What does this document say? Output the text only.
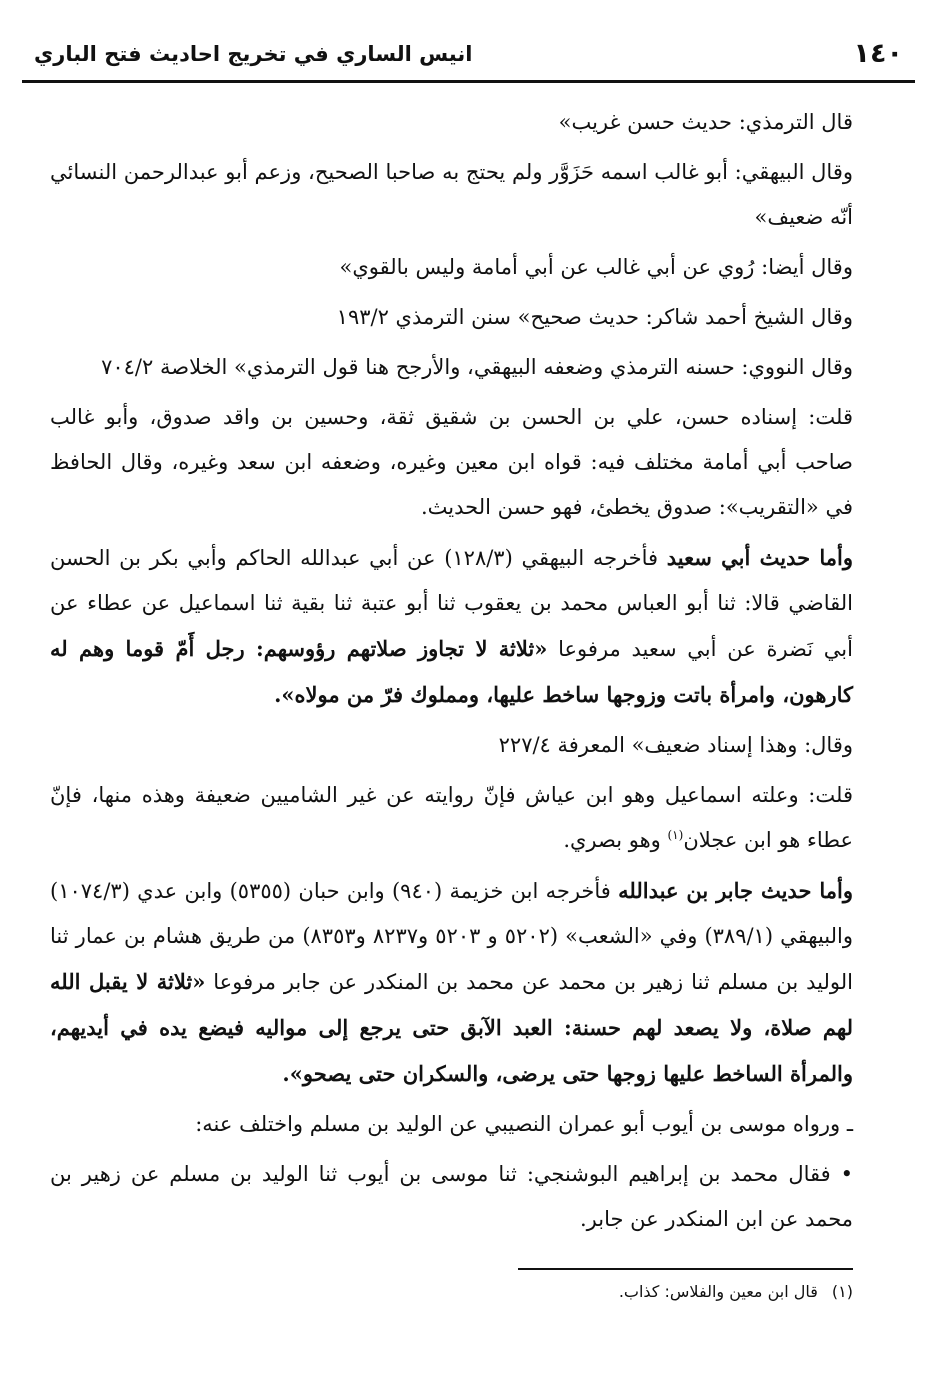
١٤٠
انيس الساري في تخريج احاديث فتح الباري

قال الترمذي: حديث حسن غريب»

وقال البيهقي: أبو غالب اسمه حَزَوَّر ولم يحتج به صاحبا الصحيح، وزعم أبو عبدالرحمن النسائي أنّه ضعيف»

وقال أيضا: رُوي عن أبي غالب عن أبي أمامة وليس بالقوي»

وقال الشيخ أحمد شاكر: حديث صحيح» سنن الترمذي ١٩٣/٢

وقال النووي: حسنه الترمذي وضعفه البيهقي، والأرجح هنا قول الترمذي» الخلاصة ٧٠٤/٢

قلت: إسناده حسن، علي بن الحسن بن شقيق ثقة، وحسين بن واقد صدوق، وأبو غالب صاحب أبي أمامة مختلف فيه: قواه ابن معين وغيره، وضعفه ابن سعد وغيره، وقال الحافظ في «التقريب»: صدوق يخطئ، فهو حسن الحديث.

وأما حديث أبي سعيد فأخرجه البيهقي (١٢٨/٣) عن أبي عبدالله الحاكم وأبي بكر بن الحسن القاضي قالا: ثنا أبو العباس محمد بن يعقوب ثنا أبو عتبة ثنا بقية ثنا اسماعيل عن عطاء عن أبي نَضرة عن أبي سعيد مرفوعا «ثلاثة لا تجاوز صلاتهم رؤوسهم: رجل أَمّ قوما وهم له كارهون، وامرأة باتت وزوجها ساخط عليها، ومملوك فرّ من مولاه».

وقال: وهذا إسناد ضعيف» المعرفة ٢٢٧/٤

قلت: وعلته اسماعيل وهو ابن عياش فإنّ روايته عن غير الشاميين ضعيفة وهذه منها، فإنّ عطاء هو ابن عجلان$^{(١)}$ وهو بصري.

وأما حديث جابر بن عبدالله فأخرجه ابن خزيمة (٩٤٠) وابن حبان (٥٣٥٥) وابن عدي (١٠٧٤/٣) والبيهقي (٣٨٩/١) وفي «الشعب» (٥٢٠٢ و ٥٢٠٣ و٨٢٣٧ و٨٣٥٣) من طريق هشام بن عمار ثنا الوليد بن مسلم ثنا زهير بن محمد عن محمد بن المنكدر عن جابر مرفوعا «ثلاثة لا يقبل الله لهم صلاة، ولا يصعد لهم حسنة: العبد الآبق حتى يرجع إلى مواليه فيضع يده في أيديهم، والمرأة الساخط عليها زوجها حتى يرضى، والسكران حتى يصحو».

ـ ورواه موسى بن أيوب أبو عمران النصيبي عن الوليد بن مسلم واختلف عنه:

• فقال محمد بن إبراهيم البوشنجي: ثنا موسى بن أيوب ثنا الوليد بن مسلم عن زهير بن محمد عن ابن المنكدر عن جابر.

(١)قال ابن معين والفلاس: كذاب.
